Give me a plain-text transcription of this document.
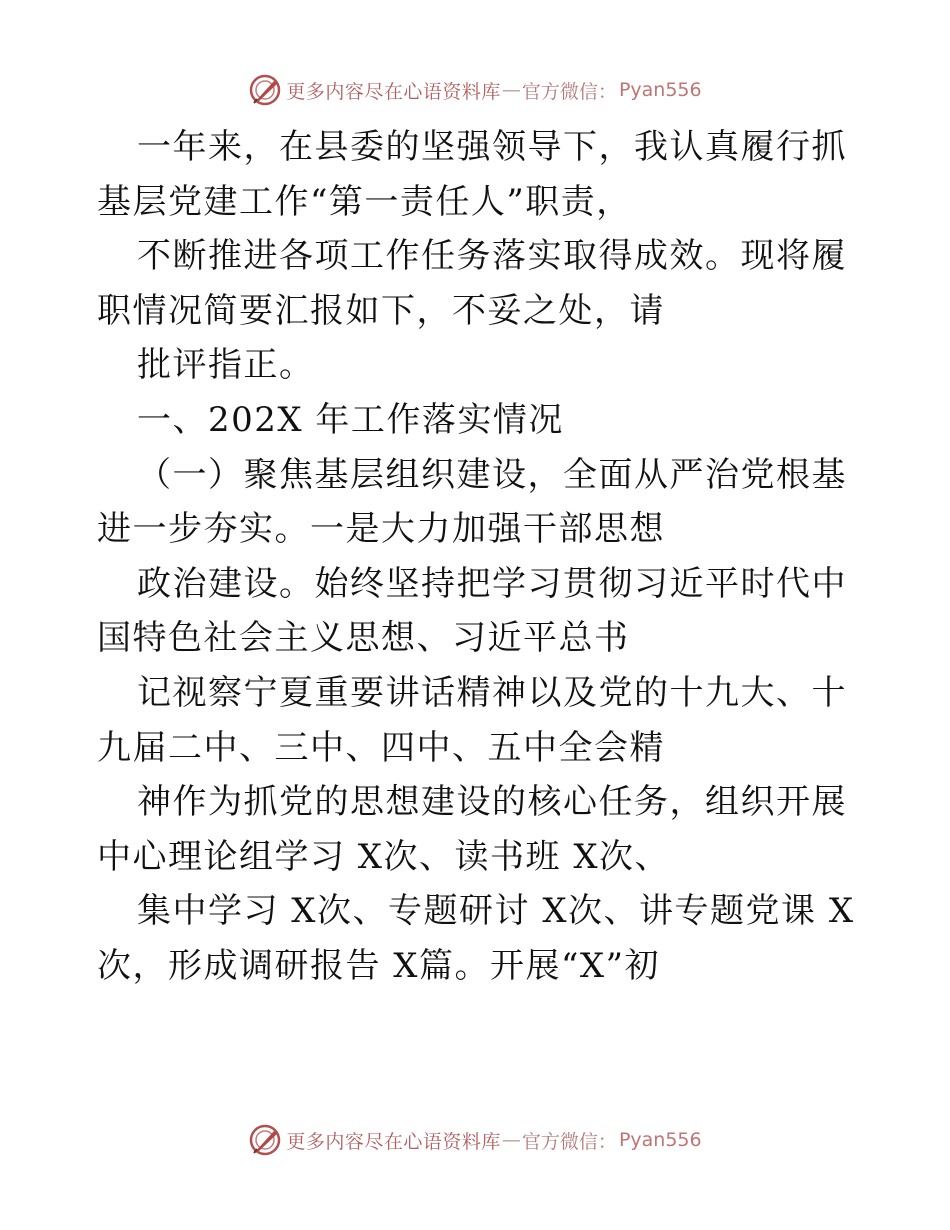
更多内容尽在心语资料库 — 官方微信： Pyan556

一年来，在县委的坚强领导下，我认真履行抓基层党建工作“第一责任人”职责，

不断推进各项工作任务落实取得成效。现将履职情况简要汇报如下，不妥之处，请

批评指正。

一、202X 年工作落实情况

（一）聚焦基层组织建设，全面从严治党根基进一步夯实。一是大力加强干部思想

政治建设。始终坚持把学习贯彻习近平时代中国特色社会主义思想、习近平总书

记视察宁夏重要讲话精神以及党的十九大、十九届二中、三中、四中、五中全会精

神作为抓党的思想建设的核心任务，组织开展中心理论组学习 X次、读书班 X次、

集中学习 X次、专题研讨 X次、讲专题党课 X次，形成调研报告 X篇。开展“X”初

更多内容尽在心语资料库 — 官方微信： Pyan556
